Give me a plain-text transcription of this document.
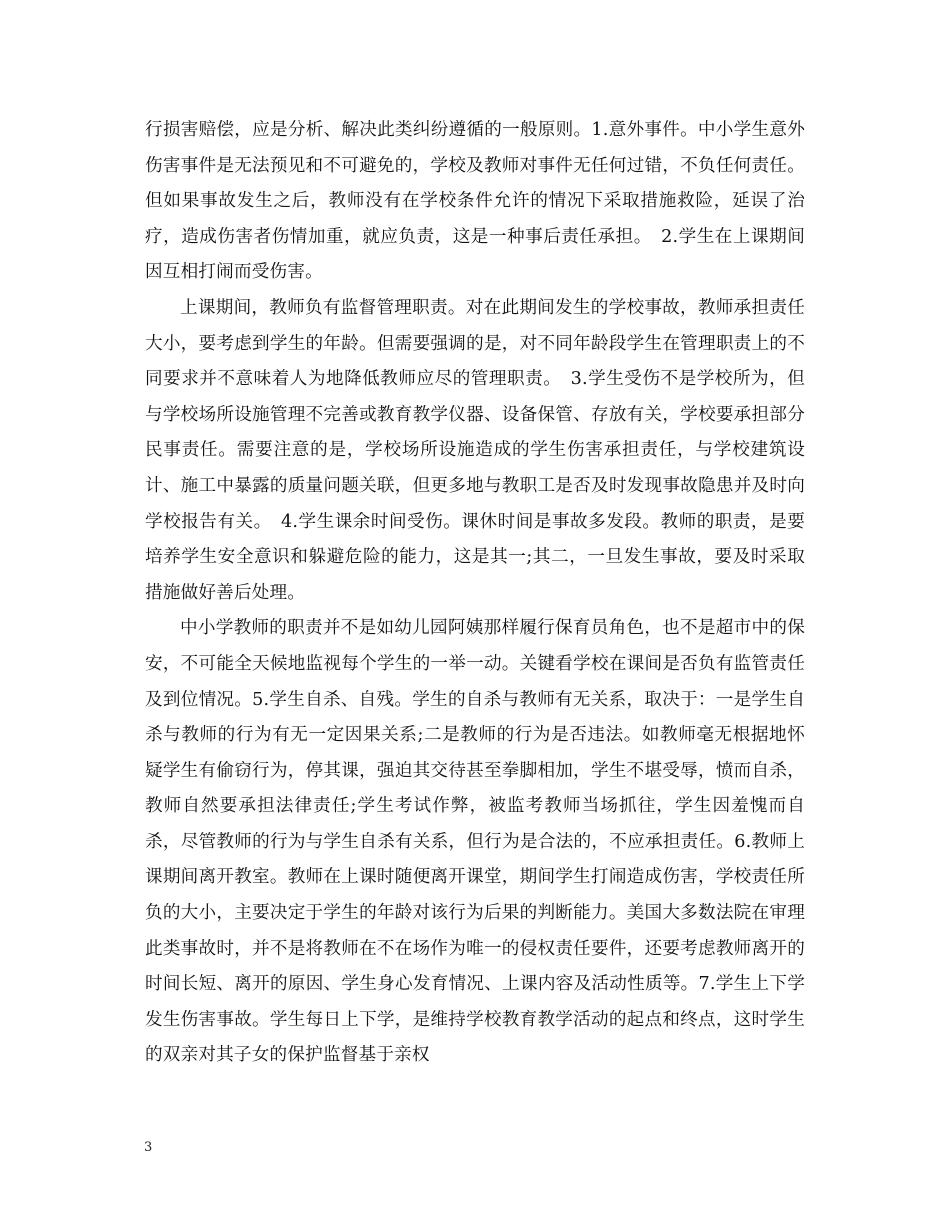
行损害赔偿，应是分析、解决此类纠纷遵循的一般原则。1.意外事件。中小学生意外伤害事件是无法预见和不可避免的，学校及教师对事件无任何过错，不负任何责任。但如果事故发生之后，教师没有在学校条件允许的情况下采取措施救险，延误了治疗，造成伤害者伤情加重，就应负责，这是一种事后责任承担。　2.学生在上课期间因互相打闹而受伤害。

上课期间，教师负有监督管理职责。对在此期间发生的学校事故，教师承担责任大小，要考虑到学生的年龄。但需要强调的是，对不同年龄段学生在管理职责上的不同要求并不意味着人为地降低教师应尽的管理职责。　3.学生受伤不是学校所为，但与学校场所设施管理不完善或教育教学仪器、设备保管、存放有关，学校要承担部分民事责任。需要注意的是，学校场所设施造成的学生伤害承担责任，与学校建筑设计、施工中暴露的质量问题关联，但更多地与教职工是否及时发现事故隐患并及时向学校报告有关。　4.学生课余时间受伤。课休时间是事故多发段。教师的职责，是要培养学生安全意识和躲避危险的能力，这是其一;其二，一旦发生事故，要及时采取措施做好善后处理。

中小学教师的职责并不是如幼儿园阿姨那样履行保育员角色，也不是超市中的保安，不可能全天候地监视每个学生的一举一动。关键看学校在课间是否负有监管责任及到位情况。5.学生自杀、自残。学生的自杀与教师有无关系，取决于：一是学生自杀与教师的行为有无一定因果关系;二是教师的行为是否违法。如教师毫无根据地怀疑学生有偷窃行为，停其课，强迫其交待甚至拳脚相加，学生不堪受辱，愤而自杀，教师自然要承担法律责任;学生考试作弊，被监考教师当场抓往，学生因羞愧而自杀，尽管教师的行为与学生自杀有关系，但行为是合法的，不应承担责任。6.教师上课期间离开教室。教师在上课时随便离开课堂，期间学生打闹造成伤害，学校责任所负的大小，主要决定于学生的年龄对该行为后果的判断能力。美国大多数法院在审理此类事故时，并不是将教师在不在场作为唯一的侵权责任要件，还要考虑教师离开的时间长短、离开的原因、学生身心发育情况、上课内容及活动性质等。7.学生上下学发生伤害事故。学生每日上下学，是维持学校教育教学活动的起点和终点，这时学生的双亲对其子女的保护监督基于亲权

3
